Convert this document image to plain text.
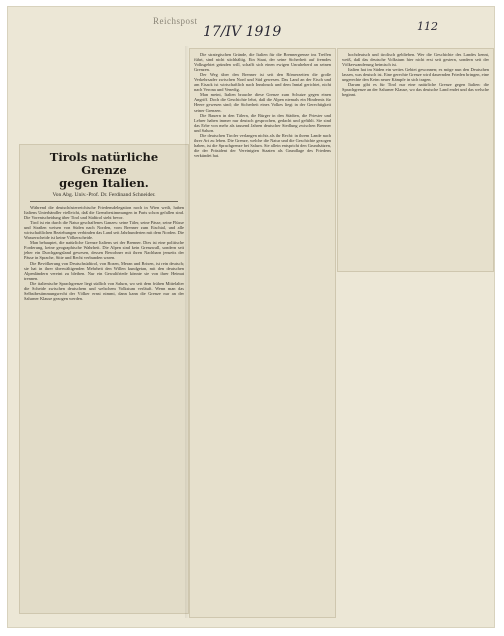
Reichspost
17/IV 1919	112
Tirols natürliche Grenze
gegen Italien.
Von Abg. Univ.-Prof. Dr. Ferdinand Schneider.

Während die deutschösterreichische Friedensdelegation noch in Wien weilt, haben Italiens Unterhändler vielleicht, daß die Grenzbestimmungen in Paris schon gefallen sind. Die Vorentscheidung über Tirol und Südtirol steht bevor.

Tirol ist ein durch die Natur geschaffenes Ganzes: seine Täler, seine Pässe, seine Flüsse und Straßen weisen von Süden nach Norden, vom Brenner zum Etschtal, und alle wirtschaftlichen Beziehungen verbinden das Land seit Jahrhunderten mit dem Norden. Die Wasserscheide ist keine Völkerscheide.

Man behauptet, die natürliche Grenze Italiens sei der Brenner. Dies ist eine politische Forderung, keine geographische Wahrheit. Die Alpen sind kein Grenzwall, sondern seit jeher ein Durchgangsland gewesen, dessen Bewohner mit ihren Nachbarn jenseits der Pässe in Sprache, Sitte und Recht verbunden waren.

Die Bevölkerung von Deutschsüdtirol, von Bozen, Meran und Brixen, ist rein deutsch; sie hat in ihrer überwältigenden Mehrheit den Willen kundgetan, mit den deutschen Alpenländern vereint zu bleiben. Nur ein Gewaltfriede könnte sie von ihrer Heimat trennen.

Die italienische Sprachgrenze liegt südlich von Salurn, wo seit dem frühen Mittelalter die Scheide zwischen deutschem und welschem Volkstum verläuft. Wenn man das Selbstbestimmungsrecht der Völker ernst nimmt, dann kann die Grenze nur an der Salurner Klause gezogen werden.

Die strategischen Gründe, die Italien für die Brennergrenze ins Treffen führt, sind nicht stichhältig. Ein Staat, der seine Sicherheit auf fremdes Volksgebiet gründen will, schafft sich einen ewigen Unruheherd an seinen Grenzen.

Der Weg über den Brenner ist seit den Römerzeiten die große Verkehrsader zwischen Nord und Süd gewesen. Das Land an der Etsch und am Eisack ist wirtschaftlich nach Innsbruck und dem Inntal gerichtet, nicht nach Verona und Venedig.

Man meint, Italien brauche diese Grenze zum Schutze gegen einen Angriff. Doch die Geschichte lehrt, daß die Alpen niemals ein Hindernis für Heere gewesen sind; die Sicherheit eines Volkes liegt in der Gerechtigkeit seiner Grenzen.

Die Bauern in den Tälern, die Bürger in den Städten, die Priester und Lehrer haben immer nur deutsch gesprochen, gedacht und gefühlt. Sie sind das Erbe von mehr als tausend Jahren deutscher Siedlung zwischen Brenner und Salurn.

Die deutschen Tiroler verlangen nichts als ihr Recht: in ihrem Lande nach ihrer Art zu leben. Die Grenze, welche die Natur und die Geschichte gezogen haben, ist die Sprachgrenze bei Salurn. Sie allein entspricht den Grundsätzen, die der Präsident der Vereinigten Staaten als Grundlage des Friedens verkündet hat.

hochdeutsch und tirolisch geblieben. Wer die Geschichte des Landes kennt, weiß, daß das deutsche Volkstum hier nicht erst seit gestern, sondern seit der Völkerwanderung heimisch ist.

Italien hat im Süden ein weites Gebiet gewonnen; es möge nun den Deutschen lassen, was deutsch ist. Eine gerechte Grenze wird dauernden Frieden bringen, eine ungerechte den Keim neuer Kämpfe in sich tragen.

Darum gibt es für Tirol nur eine natürliche Grenze gegen Italien: die Sprachgrenze an der Salurner Klause, wo das deutsche Land endet und das welsche beginnt.
